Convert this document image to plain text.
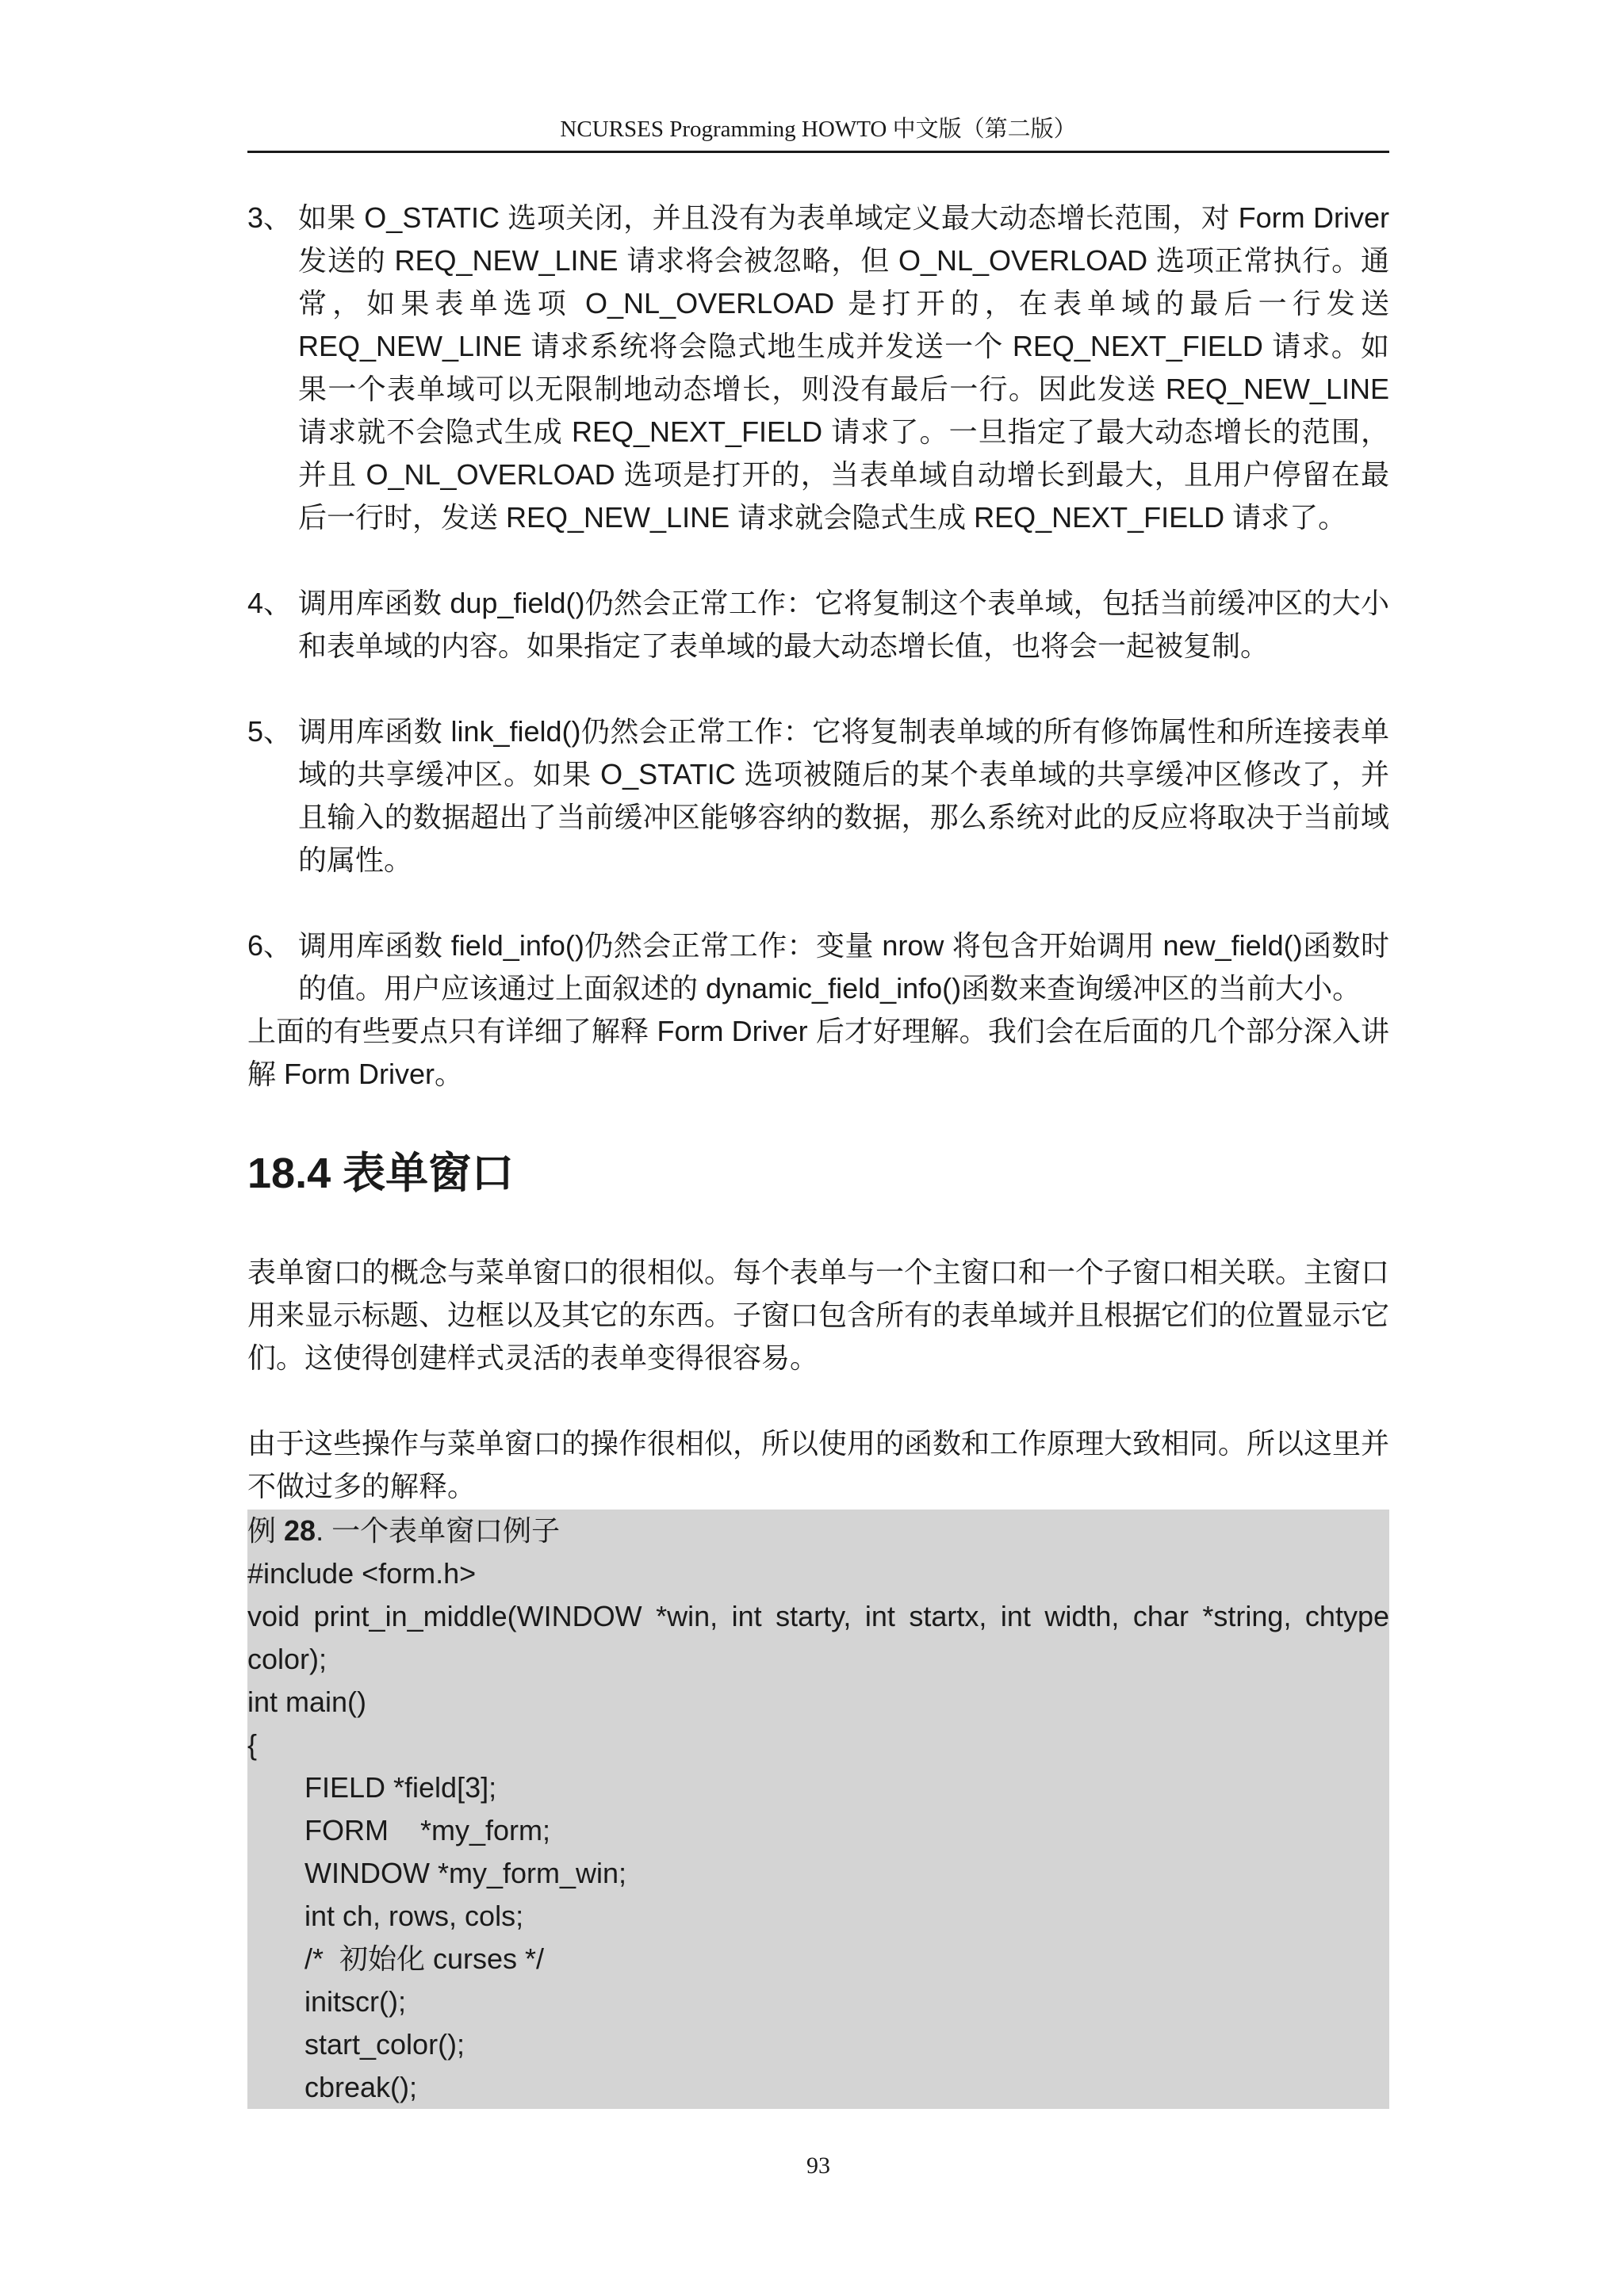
NCURSES Programming HOWTO 中文版（第二版）
3、 如果 O_STATIC 选项关闭，并且没有为表单域定义最大动态增长范围，对 Form Driver 发送的 REQ_NEW_LINE 请求将会被忽略，但 O_NL_OVERLOAD 选项正常执行。通常，如果表单选项 O_NL_OVERLOAD 是打开的，在表单域的最后一行发送 REQ_NEW_LINE 请求系统将会隐式地生成并发送一个 REQ_NEXT_FIELD 请求。如果一个表单域可以无限制地动态增长，则没有最后一行。因此发送 REQ_NEW_LINE 请求就不会隐式生成 REQ_NEXT_FIELD 请求了。一旦指定了最大动态增长的范围，并且 O_NL_OVERLOAD 选项是打开的，当表单域自动增长到最大，且用户停留在最后一行时，发送 REQ_NEW_LINE 请求就会隐式生成 REQ_NEXT_FIELD 请求了。
4、 调用库函数 dup_field()仍然会正常工作：它将复制这个表单域，包括当前缓冲区的大小和表单域的内容。如果指定了表单域的最大动态增长值，也将会一起被复制。
5、 调用库函数 link_field()仍然会正常工作：它将复制表单域的所有修饰属性和所连接表单域的共享缓冲区。如果 O_STATIC 选项被随后的某个表单域的共享缓冲区修改了，并且输入的数据超出了当前缓冲区能够容纳的数据，那么系统对此的反应将取决于当前域的属性。
6、 调用库函数 field_info()仍然会正常工作：变量 nrow 将包含开始调用 new_field()函数时的值。用户应该通过上面叙述的 dynamic_field_info()函数来查询缓冲区的当前大小。
上面的有些要点只有详细了解释 Form Driver 后才好理解。我们会在后面的几个部分深入讲解 Form Driver。
18.4 表单窗口
表单窗口的概念与菜单窗口的很相似。每个表单与一个主窗口和一个子窗口相关联。主窗口用来显示标题、边框以及其它的东西。子窗口包含所有的表单域并且根据它们的位置显示它们。这使得创建样式灵活的表单变得很容易。
由于这些操作与菜单窗口的操作很相似，所以使用的函数和工作原理大致相同。所以这里并不做过多的解释。
例 28. 一个表单窗口例子
#include <form.h>
void print_in_middle(WINDOW *win, int starty, int startx, int width, char *string, chtype color);
int main()
{
FIELD *field[3];
FORM    *my_form;
WINDOW *my_form_win;
int ch, rows, cols;
/*  初始化 curses */
initscr();
start_color();
cbreak();
93
